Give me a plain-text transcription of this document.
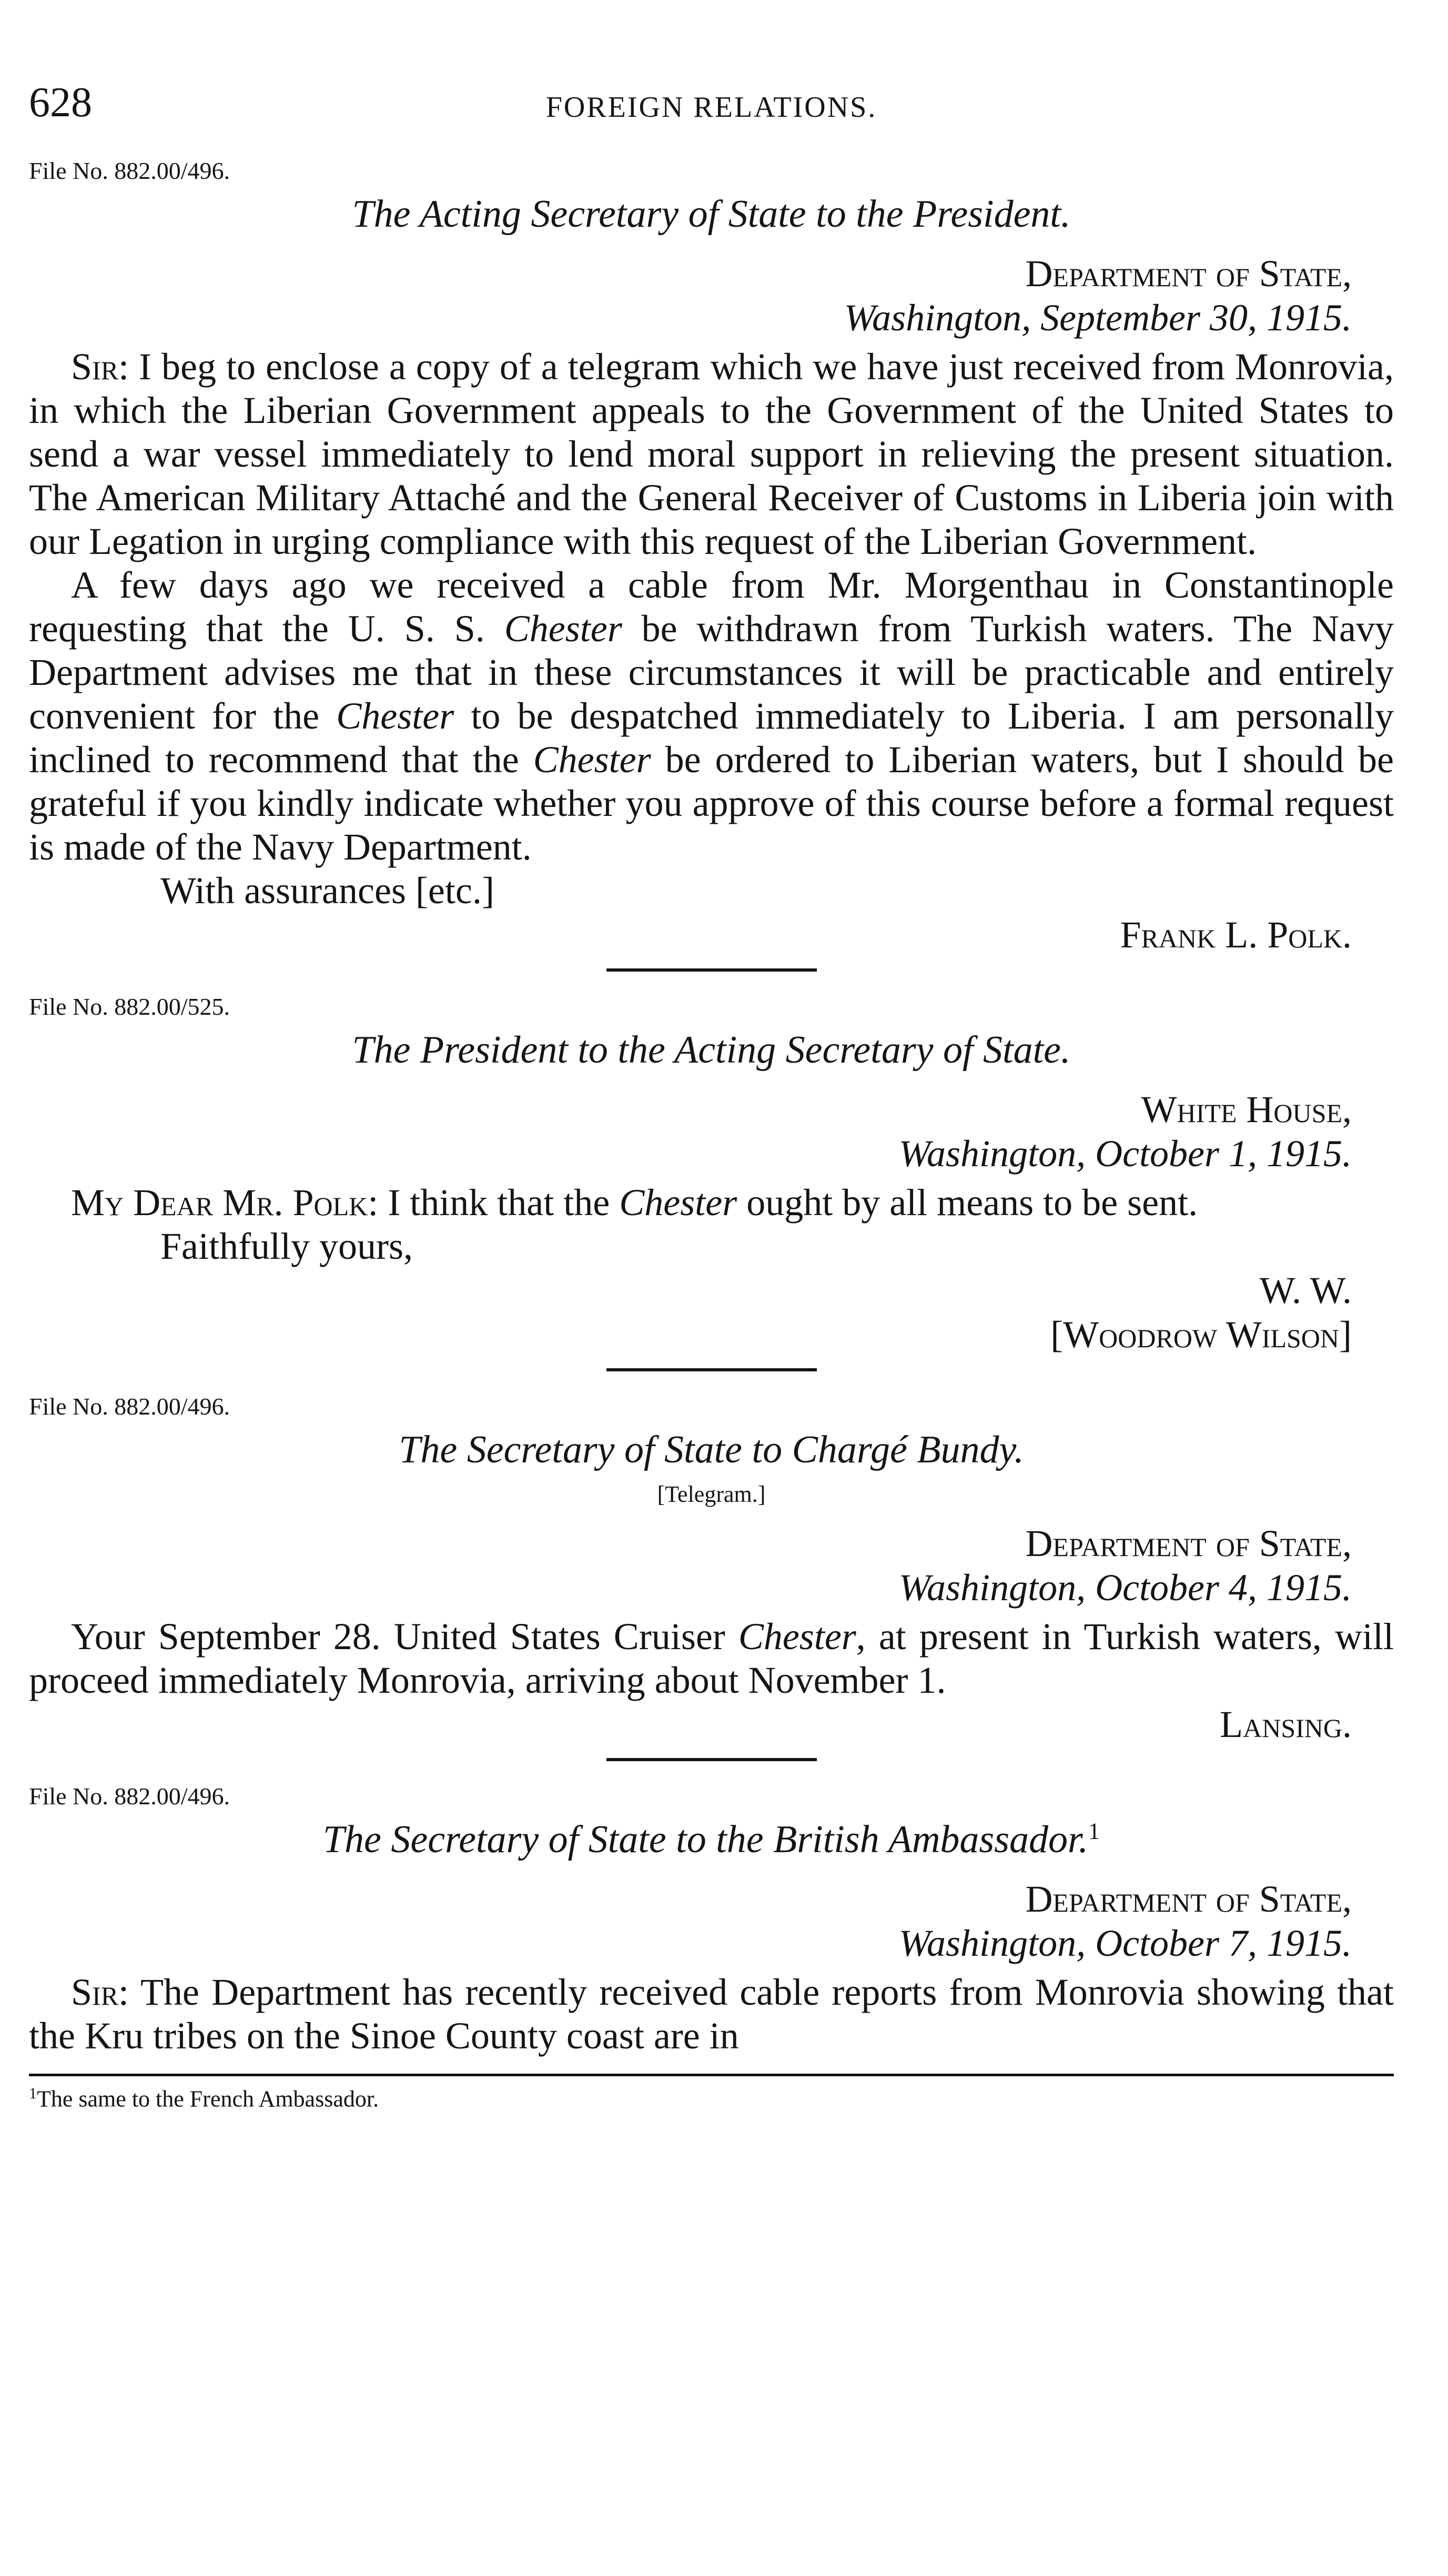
628	FOREIGN RELATIONS.
File No. 882.00/496.
The Acting Secretary of State to the President.
Department of State,
Washington, September 30, 1915.

Sir: I beg to enclose a copy of a telegram which we have just received from Monrovia, in which the Liberian Government appeals to the Government of the United States to send a war vessel immediately to lend moral support in relieving the present situation. The American Military Attaché and the General Receiver of Customs in Liberia join with our Legation in urging compliance with this request of the Liberian Government.

A few days ago we received a cable from Mr. Morgenthau in Constantinople requesting that the U. S. S. Chester be withdrawn from Turkish waters. The Navy Department advises me that in these circumstances it will be practicable and entirely convenient for the Chester to be despatched immediately to Liberia. I am personally inclined to recommend that the Chester be ordered to Liberian waters, but I should be grateful if you kindly indicate whether you approve of this course before a formal request is made of the Navy Department.

With assurances [etc.]

Frank L. Polk.
File No. 882.00/525.
The President to the Acting Secretary of State.
White House,
Washington, October 1, 1915.

My Dear Mr. Polk: I think that the Chester ought by all means to be sent.

Faithfully yours,

W. W.
[Woodrow Wilson]
File No. 882.00/496.
The Secretary of State to Chargé Bundy.
[Telegram.]
Department of State,
Washington, October 4, 1915.

Your September 28. United States Cruiser Chester, at present in Turkish waters, will proceed immediately Monrovia, arriving about November 1.

Lansing.
File No. 882.00/496.
The Secretary of State to the British Ambassador.$^1$
Department of State,
Washington, October 7, 1915.

Sir: The Department has recently received cable reports from Monrovia showing that the Kru tribes on the Sinoe County coast are in

$^1$The same to the French Ambassador.
